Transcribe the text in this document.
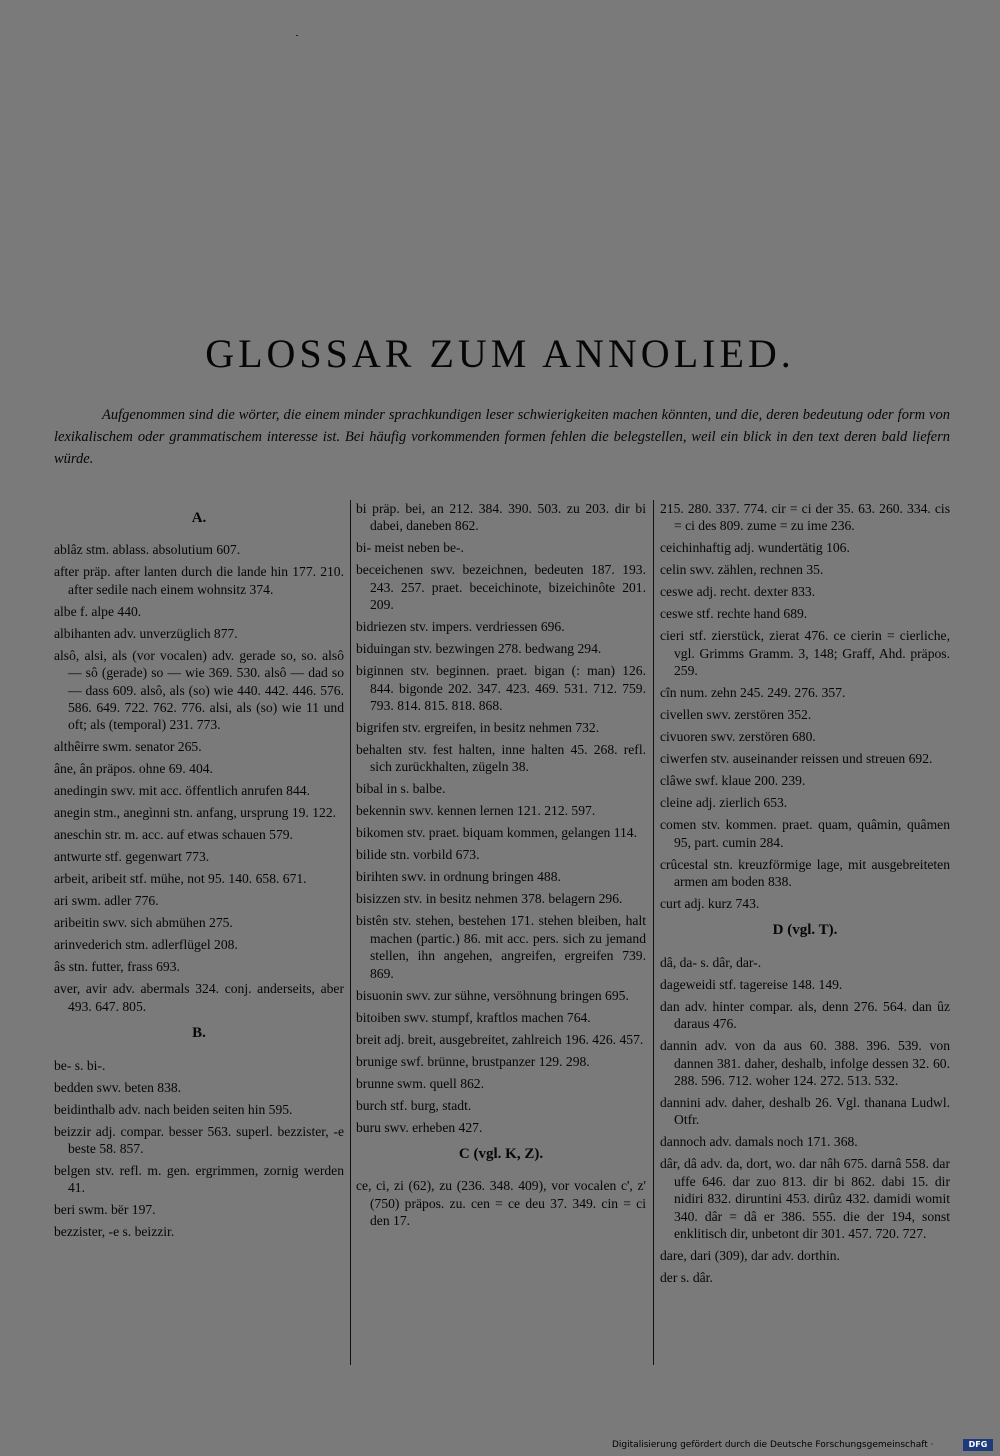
GLOSSAR ZUM ANNOLIED.

Aufgenommen sind die wörter, die einem minder sprachkundigen leser schwierigkeiten machen könnten, und die, deren bedeutung oder form von lexikalischem oder grammatischem interesse ist. Bei häufig vorkommenden formen fehlen die belegstellen, weil ein blick in den text deren bald liefern würde.

A.

ablâz stm. ablass. absolutium 607.

after präp. after lanten durch die lande hin 177. 210. after sedile nach einem wohnsitz 374.

albe f. alpe 440.

albihanten adv. unverzüglich 877.

alsô, alsi, als (vor vocalen) adv. gerade so, so. alsô — sô (gerade) so — wie 369. 530. alsô — dad so — dass 609. alsô, als (so) wie 440. 442. 446. 576. 586. 649. 722. 762. 776. alsi, als (so) wie 11 und oft; als (temporal) 231. 773.

althêirre swm. senator 265.

âne, ân präpos. ohne 69. 404.

anedingin swv. mit acc. öffentlich anrufen 844.

anegin stm., anegìnni stn. anfang, ursprung 19. 122.

aneschin str. m. acc. auf etwas schauen 579.

antwurte stf. gegenwart 773.

arbeit, aribeit stf. mühe, not 95. 140. 658. 671.

ari swm. adler 776.

aribeitin swv. sich abmühen 275.

arinvederich stm. adlerflügel 208.

âs stn. futter, frass 693.

aver, avir adv. abermals 324. conj. anderseits, aber 493. 647. 805.

B.

be- s. bi-.

bedden swv. beten 838.

beidinthalb adv. nach beiden seiten hin 595.

beizzir adj. compar. besser 563. superl. bezzister, -e beste 58. 857.

belgen stv. refl. m. gen. ergrimmen, zornig werden 41.

beri swm. bër 197.

bezzister, -e s. beizzir.

bi präp. bei, an 212. 384. 390. 503. zu 203. dir bi dabei, daneben 862.

bi- meist neben be-.

beceichenen swv. bezeichnen, bedeuten 187. 193. 243. 257. praet. beceichinote, bizeichinôte 201. 209.

bidriezen stv. impers. verdriessen 696.

biduingan stv. bezwingen 278. bedwang 294.

biginnen stv. beginnen. praet. bigan (: man) 126. 844. bigonde 202. 347. 423. 469. 531. 712. 759. 793. 814. 815. 818. 868.

bigrifen stv. ergreifen, in besitz nehmen 732.

behalten stv. fest halten, inne halten 45. 268. refl. sich zurückhalten, zügeln 38.

bibal in s. balbe.

bekennin swv. kennen lernen 121. 212. 597.

bikomen stv. praet. biquam kommen, gelangen 114.

bilide stn. vorbild 673.

birihten swv. in ordnung bringen 488.

bisizzen stv. in besitz nehmen 378. belagern 296.

bistên stv. stehen, bestehen 171. stehen bleiben, halt machen (partic.) 86. mit acc. pers. sich zu jemand stellen, ihn angehen, angreifen, ergreifen 739. 869.

bisuonin swv. zur sühne, versöhnung bringen 695.

bitoiben swv. stumpf, kraftlos machen 764.

breit adj. breit, ausgebreitet, zahlreich 196. 426. 457.

brunige swf. brünne, brustpanzer 129. 298.

brunne swm. quell 862.

burch stf. burg, stadt.

buru swv. erheben 427.

C (vgl. K, Z).

ce, ci, zi (62), zu (236. 348. 409), vor vocalen c', z' (750) präpos. zu. cen = ce deu 37. 349. cin = ci den 17.

215. 280. 337. 774. cir = ci der 35. 63. 260. 334. cis = ci des 809. zume = zu ime 236.

ceichinhaftig adj. wundertätig 106.

celin swv. zählen, rechnen 35.

ceswe adj. recht. dexter 833.

ceswe stf. rechte hand 689.

cieri stf. zierstück, zierat 476. ce cierin = cierliche, vgl. Grimms Gramm. 3, 148; Graff, Ahd. präpos. 259.

cîn num. zehn 245. 249. 276. 357.

civellen swv. zerstören 352.

civuoren swv. zerstören 680.

ciwerfen stv. auseinander reissen und streuen 692.

clâwe swf. klaue 200. 239.

cleine adj. zierlich 653.

comen stv. kommen. praet. quam, quâmin, quâmen 95, part. cumin 284.

crûcestal stn. kreuzförmige lage, mit ausgebreiteten armen am boden 838.

curt adj. kurz 743.

D (vgl. T).

dâ, da- s. dâr, dar-.

dageweidi stf. tagereise 148. 149.

dan adv. hinter compar. als, denn 276. 564. dan ûz daraus 476.

dannin adv. von da aus 60. 388. 396. 539. von dannen 381. daher, deshalb, infolge dessen 32. 60. 288. 596. 712. woher 124. 272. 513. 532.

dannini adv. daher, deshalb 26. Vgl. thanana Ludwl. Otfr.

dannoch adv. damals noch 171. 368.

dâr, dâ adv. da, dort, wo. dar nâh 675. darnâ 558. dar uffe 646. dar zuo 813. dir bi 862. dabi 15. dir nidiri 832. diruntini 453. dirûz 432. damidi womit 340. dâr = dâ er 386. 555. die der 194, sonst enklitisch dir, unbetont dir 301. 457. 720. 727.

dare, dari (309), dar adv. dorthin.

der s. dâr.

Digitalisierung gefördert durch die Deutsche Forschungsgemeinschaft ·	DFG
